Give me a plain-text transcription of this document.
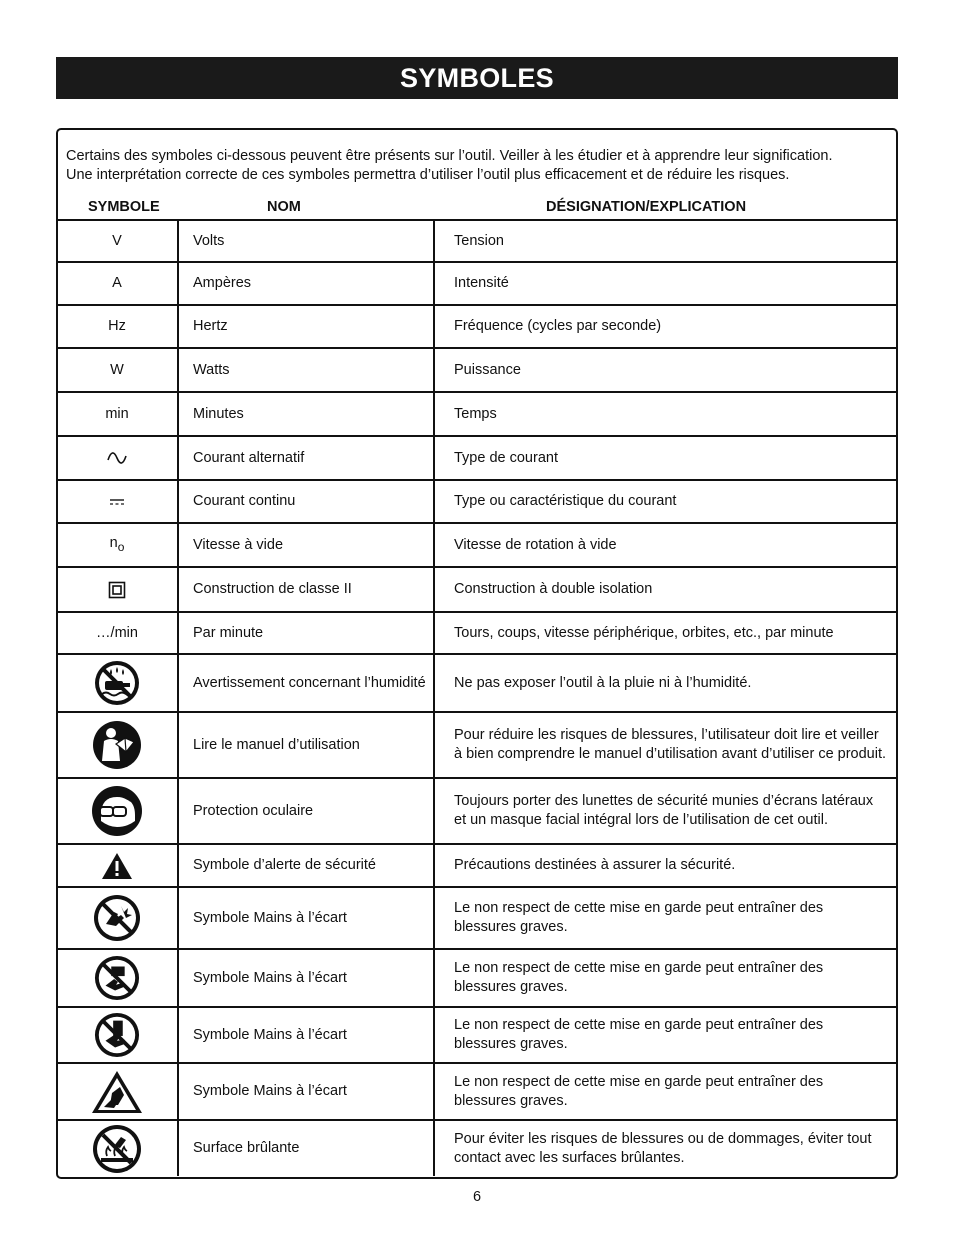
SYMBOLES

Certains des symboles ci-dessous peuvent être présents sur l’outil. Veiller à les étudier et à apprendre leur signification.

Une interprétation correcte de ces symboles permettra d’utiliser l’outil plus efficacement et de réduire les risques.

SYMBOLE	NOM	DÉSIGNATION/EXPLICATION
V	Volts	Tension
A	Ampères	Intensité
Hz	Hertz	Fréquence (cycles par seconde)
W	Watts	Puissance
min	Minutes	Temps

	Courant alternatif	Type de courant

	Courant continu	Type ou caractéristique du courant
$n_o$	Vitesse à vide	Vitesse de rotation à vide

	Construction de classe II	Construction à double isolation
…/min	Par minute	Tours, coups, vitesse périphérique, orbites, etc., par minute

	Avertissement concernant l’humidité	Ne pas exposer l’outil à la pluie ni à l’humidité.

	Lire le manuel d’utilisation	Pour réduire les risques de blessures, l’utilisateur doit lire et veiller à bien comprendre le manuel d’utilisation avant d’utiliser ce produit.

	Protection oculaire	Toujours porter des lunettes de sécurité munies d’écrans latéraux et un masque facial intégral lors de l’utilisation de cet outil.

	Symbole d’alerte de sécurité	Précautions destinées à assurer la sécurité.

	Symbole Mains à l’écart	Le non respect de cette mise en garde peut entraîner des blessures graves.

	Symbole Mains à l’écart	Le non respect de cette mise en garde peut entraîner des blessures graves.

	Symbole Mains à l’écart	Le non respect de cette mise en garde peut entraîner des blessures graves.

	Symbole Mains à l’écart	Le non respect de cette mise en garde peut entraîner des blessures graves.

	Surface brûlante	Pour éviter les risques de blessures ou de dommages, éviter tout contact avec les surfaces brûlantes.
6
